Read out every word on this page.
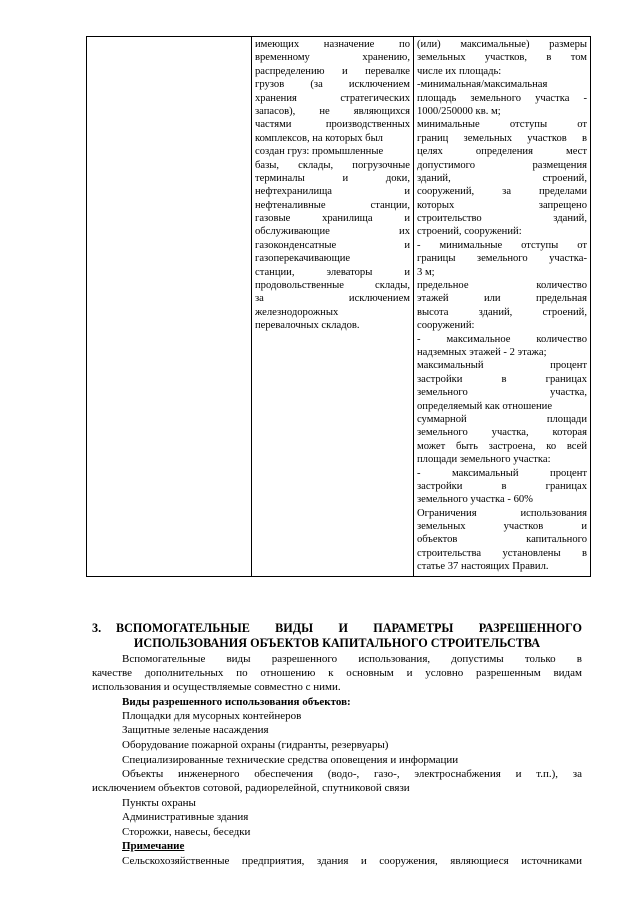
имеющих назначение по
временному хранению,
распределению и перевалке
грузов (за исключением
хранения стратегических
запасов), не являющихся
частями производственных
комплексов, на которых был
создан груз: промышленные
базы, склады, погрузочные
терминалы и доки,
нефтехранилища и
нефтеналивные станции,
газовые хранилища и
обслуживающие их
газоконденсатные и
газоперекачивающие
станции, элеваторы и
продовольственные склады,
за исключением
железнодорожных
перевалочных складов.

(или) максимальные) размеры
земельных участков, в том
числе их площадь:
-минимальная/максимальная
площадь земельного участка -
1000/250000 кв. м;
минимальные отступы от
границ земельных участков в
целях определения мест
допустимого размещения
зданий, строений,
сооружений, за пределами
которых запрещено
строительство зданий,
строений, сооружений:
- минимальные отступы от
границы земельного участка-
3 м;
предельное количество
этажей или предельная
высота зданий, строений,
сооружений:
- максимальное количество
надземных этажей - 2 этажа;
максимальный процент
застройки в границах
земельного участка,
определяемый как отношение
суммарной площади
земельного участка, которая
может быть застроена, ко всей
площади земельного участка:
- максимальный процент
застройки в границах
земельного участка - 60%
Ограничения использования
земельных участков и
объектов капитального
строительства установлены в
статье 37 настоящих Правил.
3. ВСПОМОГАТЕЛЬНЫЕ ВИДЫ И ПАРАМЕТРЫ РАЗРЕШЕННОГО
ИСПОЛЬЗОВАНИЯ ОБЪЕКТОВ КАПИТАЛЬНОГО СТРОИТЕЛЬСТВА
Вспомогательные виды разрешенного использования, допустимы только в
качестве дополнительных по отношению к основным и условно разрешенным видам
использования и осуществляемые совместно с ними.
Виды разрешенного использования объектов:
Площадки для мусорных контейнеров
Защитные зеленые насаждения
Оборудование пожарной охраны (гидранты, резервуары)
Специализированные технические средства оповещения и информации
Объекты инженерного обеспечения (водо-, газо-, электроснабжения и т.п.), за
исключением объектов сотовой, радиорелейной, спутниковой связи
Пункты охраны
Административные здания
Сторожки, навесы, беседки
Примечание
Сельскохозяйственные предприятия, здания и сооружения, являющиеся источниками
